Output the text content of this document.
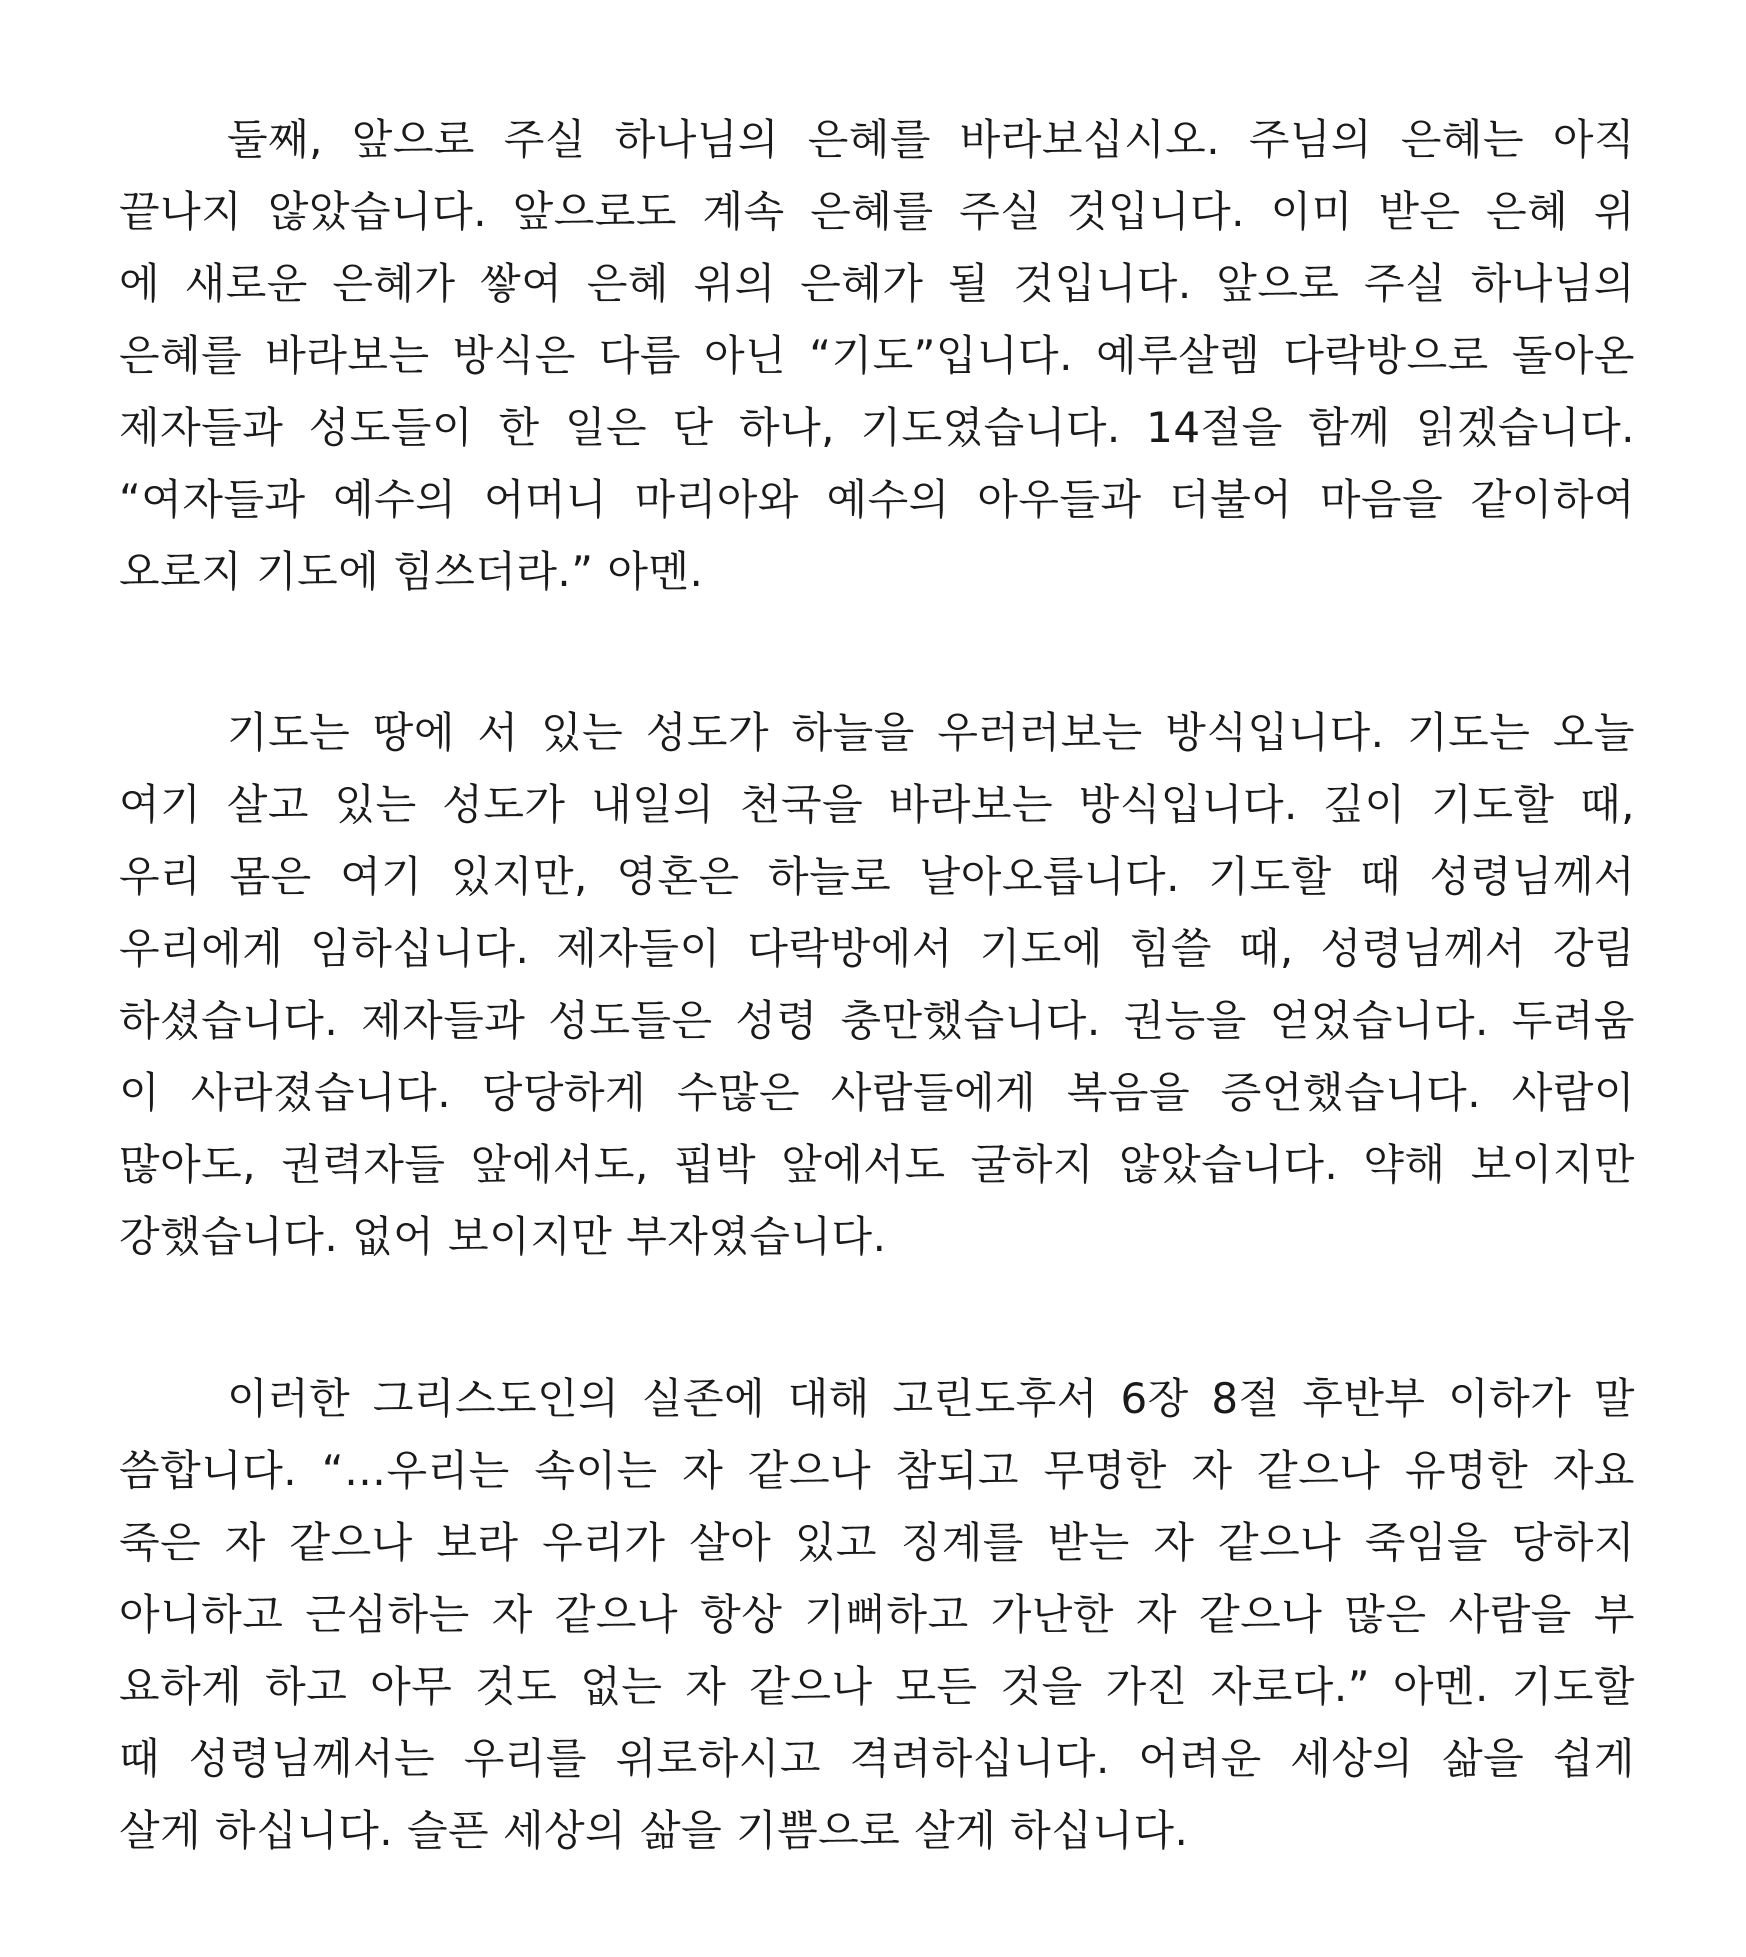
둘째, 앞으로 주실 하나님의 은혜를 바라보십시오. 주님의 은혜는 아직
끝나지 않았습니다. 앞으로도 계속 은혜를 주실 것입니다. 이미 받은 은혜 위
에 새로운 은혜가 쌓여 은혜 위의 은혜가 될 것입니다. 앞으로 주실 하나님의
은혜를 바라보는 방식은 다름 아닌 “기도”입니다. 예루살렘 다락방으로 돌아온
제자들과 성도들이 한 일은 단 하나, 기도였습니다. 14절을 함께 읽겠습니다.
“여자들과 예수의 어머니 마리아와 예수의 아우들과 더불어 마음을 같이하여
오로지 기도에 힘쓰더라.” 아멘.
기도는 땅에 서 있는 성도가 하늘을 우러러보는 방식입니다. 기도는 오늘
여기 살고 있는 성도가 내일의 천국을 바라보는 방식입니다. 깊이 기도할 때,
우리 몸은 여기 있지만, 영혼은 하늘로 날아오릅니다. 기도할 때 성령님께서
우리에게 임하십니다. 제자들이 다락방에서 기도에 힘쓸 때, 성령님께서 강림
하셨습니다. 제자들과 성도들은 성령 충만했습니다. 권능을 얻었습니다. 두려움
이 사라졌습니다. 당당하게 수많은 사람들에게 복음을 증언했습니다. 사람이
많아도, 권력자들 앞에서도, 핍박 앞에서도 굴하지 않았습니다. 약해 보이지만
강했습니다. 없어 보이지만 부자였습니다.
이러한 그리스도인의 실존에 대해 고린도후서 6장 8절 후반부 이하가 말
씀합니다. “…우리는 속이는 자 같으나 참되고 무명한 자 같으나 유명한 자요
죽은 자 같으나 보라 우리가 살아 있고 징계를 받는 자 같으나 죽임을 당하지
아니하고 근심하는 자 같으나 항상 기뻐하고 가난한 자 같으나 많은 사람을 부
요하게 하고 아무 것도 없는 자 같으나 모든 것을 가진 자로다.” 아멘. 기도할
때 성령님께서는 우리를 위로하시고 격려하십니다. 어려운 세상의 삶을 쉽게
살게 하십니다. 슬픈 세상의 삶을 기쁨으로 살게 하십니다.
